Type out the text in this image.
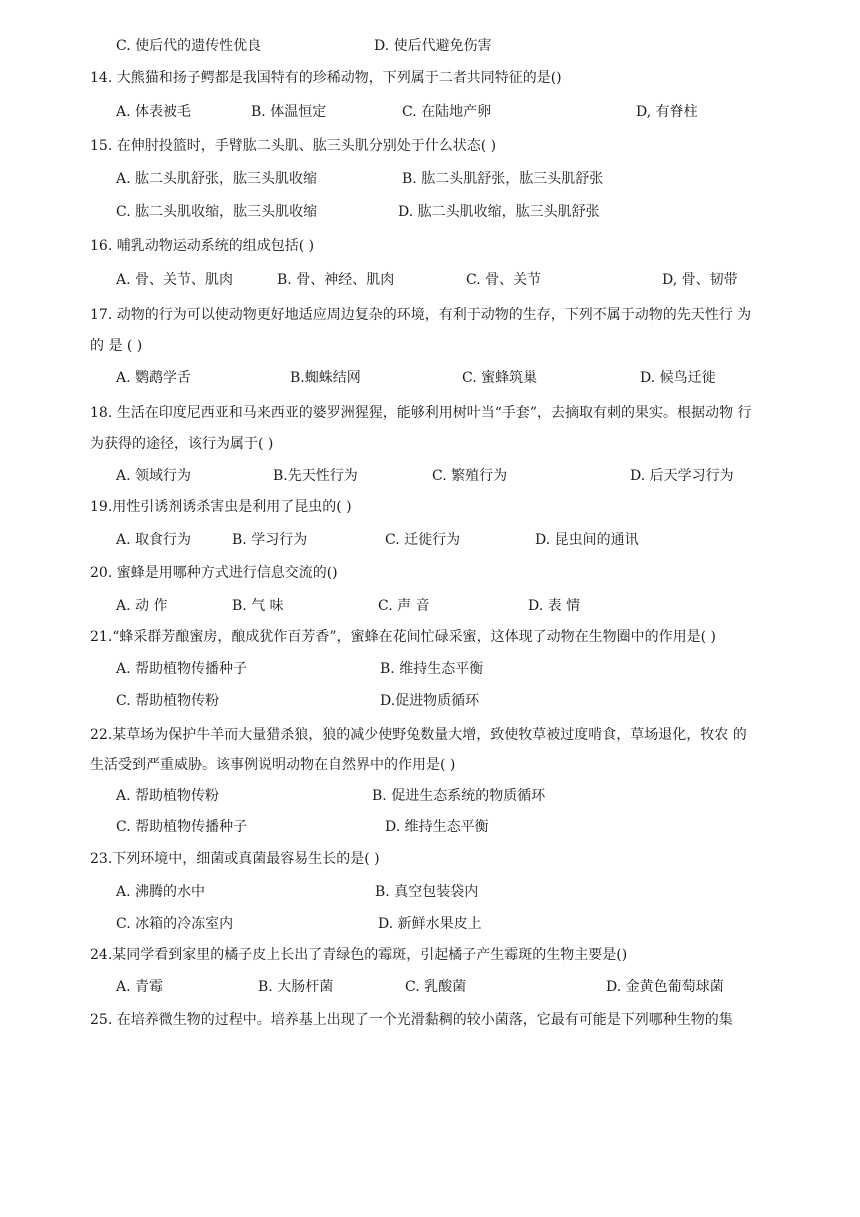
C. 使后代的遗传性优良	D. 使后代避免伤害
14. 大熊猫和扬子鳄都是我国特有的珍稀动物，下列属于二者共同特征的是()
A. 体表被毛	B. 体温恒定	C. 在陆地产卵	D, 有脊柱
15. 在伸肘投篮时，手臂肱二头肌、肱三头肌分别处于什么状态( )
A. 肱二头肌舒张，肱三头肌收缩	B. 肱二头肌舒张，肱三头肌舒张
C. 肱二头肌收缩，肱三头肌收缩	D. 肱二头肌收缩，肱三头肌舒张
16. 哺乳动物运动系统的组成包括( )
A. 骨、关节、肌肉	B. 骨、神经、肌肉	C. 骨、关节	D, 骨、韧带
17. 动物的行为可以使动物更好地适应周边复杂的环境，有利于动物的生存，下列不属于动物的先天性行 为
的 是 ( )
A. 鹦鹉学舌	B.蜘蛛结网	C. 蜜蜂筑巢	D. 候鸟迁徙
18. 生活在印度尼西亚和马来西亚的婆罗洲猩猩，能够利用树叶当“手套”，去摘取有刺的果实。根据动物 行
为获得的途径，该行为属于( )
A. 领域行为	B.先天性行为	C. 繁殖行为	D. 后天学习行为
19.用性引诱剂诱杀害虫是利用了昆虫的( )
A. 取食行为	B. 学习行为	C. 迁徙行为	D. 昆虫间的通讯
20. 蜜蜂是用哪种方式进行信息交流的()
A. 动 作	B. 气 味	C. 声 音	D. 表 情
21.“蜂采群芳酿蜜房，酿成犹作百芳香”，蜜蜂在花间忙碌采蜜，这体现了动物在生物圈中的作用是( )
A. 帮助植物传播种子	B. 维持生态平衡
C. 帮助植物传粉	D.促进物质循环
22.某草场为保护牛羊而大量猎杀狼，狼的减少使野兔数量大增，致使牧草被过度啃食，草场退化，牧农 的
生活受到严重威胁。该事例说明动物在自然界中的作用是( )
A. 帮助植物传粉	B. 促进生态系统的物质循环
C. 帮助植物传播种子	D. 维持生态平衡
23.下列环境中，细菌或真菌最容易生长的是( )
A. 沸腾的水中	B. 真空包装袋内
C. 冰箱的冷冻室内	D. 新鲜水果皮上
24.某同学看到家里的橘子皮上长出了青绿色的霉斑，引起橘子产生霉斑的生物主要是()
A. 青霉	B. 大肠杆菌	C. 乳酸菌	D. 金黄色葡萄球菌
25. 在培养微生物的过程中。培养基上出现了一个光滑黏稠的较小菌落，它最有可能是下列哪种生物的集
